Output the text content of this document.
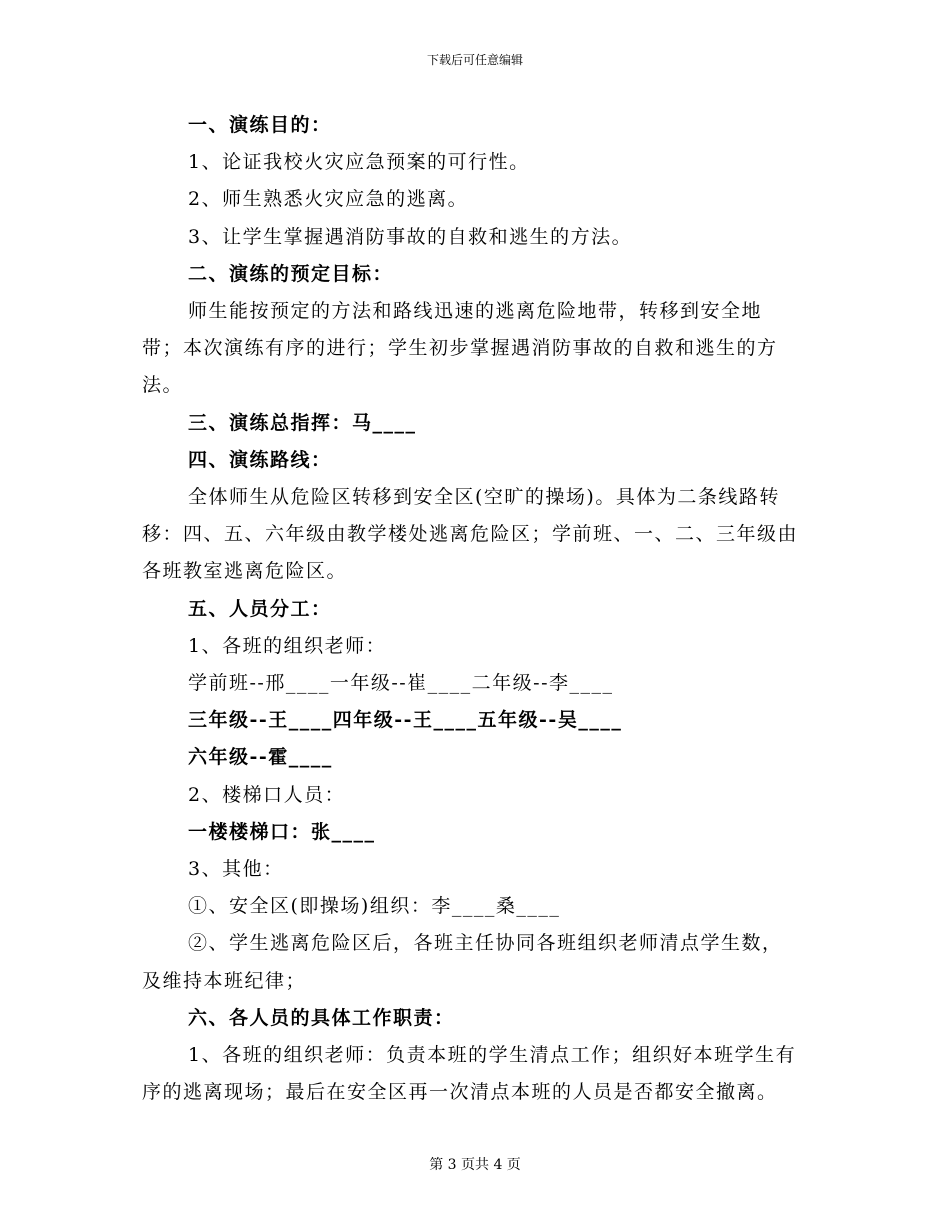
下载后可任意编辑

一、演练目的：

1、论证我校火灾应急预案的可行性。

2、师生熟悉火灾应急的逃离。

3、让学生掌握遇消防事故的自救和逃生的方法。

二、演练的预定目标：

师生能按预定的方法和路线迅速的逃离危险地带，转移到安全地带；本次演练有序的进行；学生初步掌握遇消防事故的自救和逃生的方法。

三、演练总指挥：马____

四、演练路线：

全体师生从危险区转移到安全区(空旷的操场)。具体为二条线路转移：四、五、六年级由教学楼处逃离危险区；学前班、一、二、三年级由各班教室逃离危险区。

五、人员分工：

1、各班的组织老师：

学前班--邢____一年级--崔____二年级--李____

三年级--王____四年级--王____五年级--吴____

六年级--霍____

2、楼梯口人员：

一楼楼梯口：张____

3、其他：

①、安全区(即操场)组织：李____桑____

②、学生逃离危险区后，各班主任协同各班组织老师清点学生数，及维持本班纪律；

六、各人员的具体工作职责：

1、各班的组织老师：负责本班的学生清点工作；组织好本班学生有序的逃离现场；最后在安全区再一次清点本班的人员是否都安全撤离。

第 3 页共 4 页
